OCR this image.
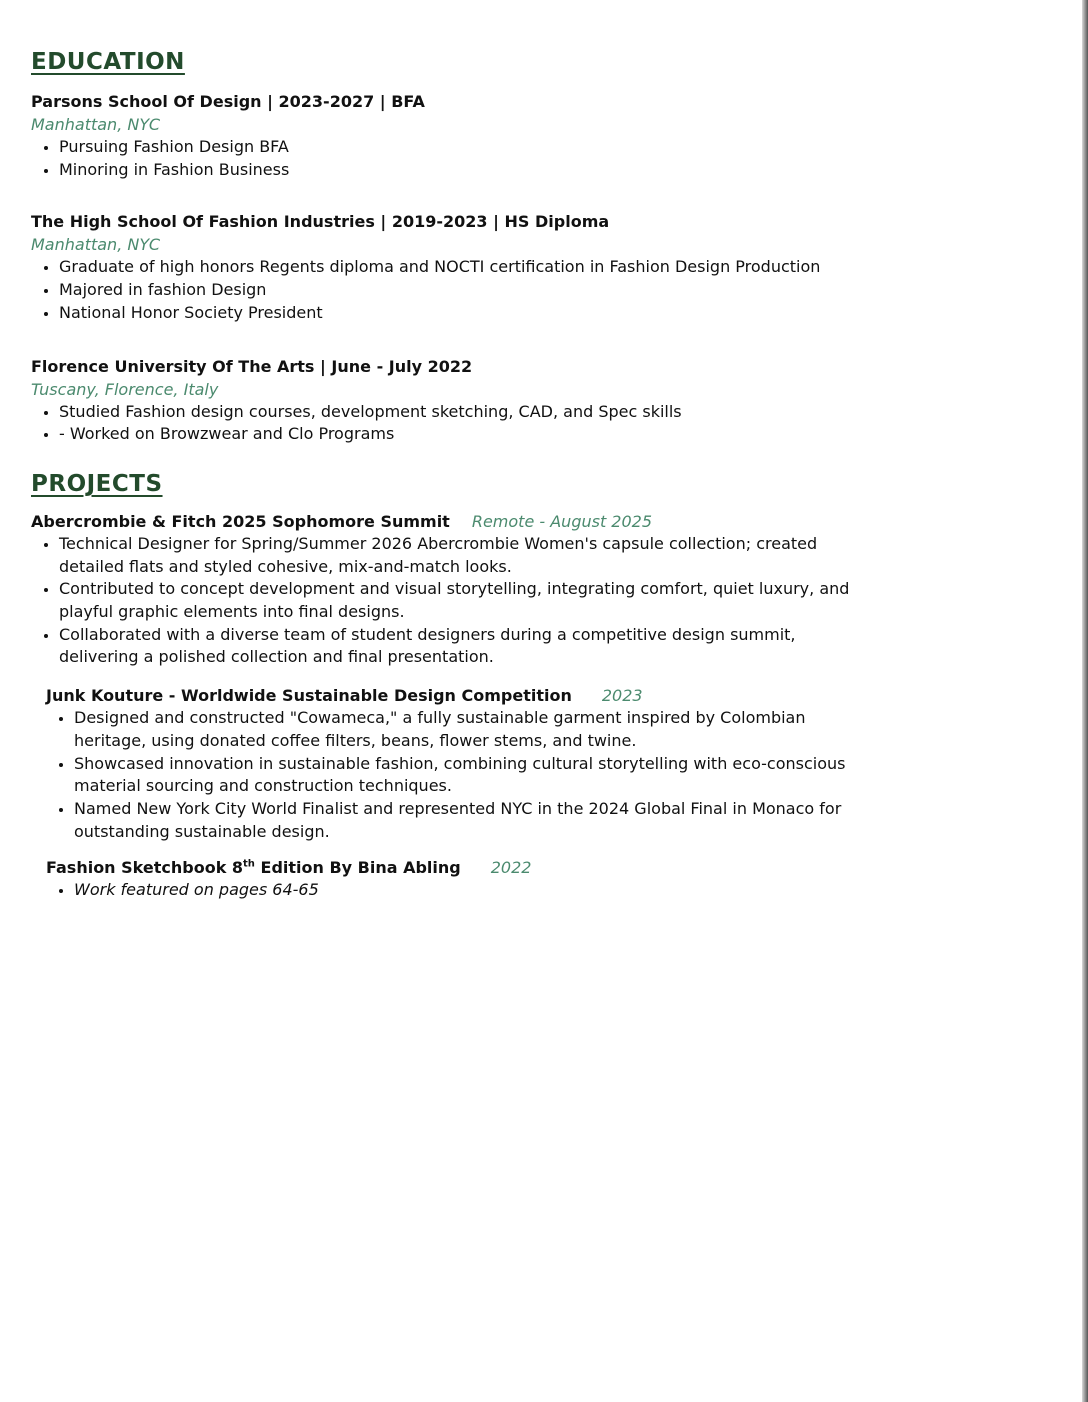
EDUCATION
Parsons School Of Design | 2023-2027 | BFA
Manhattan, NYC
• Pursuing Fashion Design BFA
• Minoring in Fashion Business
The High School Of Fashion Industries | 2019-2023 | HS Diploma
Manhattan, NYC
• Graduate of high honors Regents diploma and NOCTI certification in Fashion Design Production
• Majored in fashion Design
• National Honor Society President
Florence University Of The Arts | June - July 2022
Tuscany, Florence, Italy
• Studied Fashion design courses, development sketching, CAD, and Spec skills
• - Worked on Browzwear and Clo Programs
PROJECTS
Abercrombie & Fitch 2025 Sophomore Summit Remote - August 2025
• Technical Designer for Spring/Summer 2026 Abercrombie Women's capsule collection; created detailed flats and styled cohesive, mix-and-match looks.
• Contributed to concept development and visual storytelling, integrating comfort, quiet luxury, and playful graphic elements into final designs.
• Collaborated with a diverse team of student designers during a competitive design summit, delivering a polished collection and final presentation.
Junk Kouture - Worldwide Sustainable Design Competition 2023
• Designed and constructed "Cowameca," a fully sustainable garment inspired by Colombian heritage, using donated coffee filters, beans, flower stems, and twine.
• Showcased innovation in sustainable fashion, combining cultural storytelling with eco-conscious material sourcing and construction techniques.
• Named New York City World Finalist and represented NYC in the 2024 Global Final in Monaco for outstanding sustainable design.
Fashion Sketchbook 8th Edition By Bina Abling 2022
• Work featured on pages 64-65
